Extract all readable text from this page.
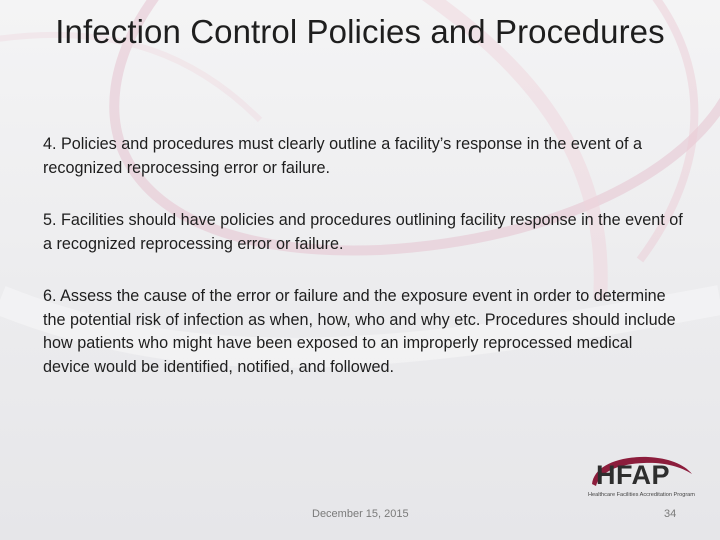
Infection Control Policies and Procedures

4. Policies and procedures must clearly outline a facility’s response in the event of a recognized reprocessing error or failure.

5. Facilities should have policies and procedures outlining facility response in the event of a recognized reprocessing error or failure.

6. Assess the cause of the error or failure and the exposure event in order to determine the potential risk of infection as when, how, who and why etc. Procedures should include how patients who might have been exposed to an improperly reprocessed medical device would be identified, notified, and followed.

HFAP
Healthcare Facilities Accreditation Program
December 15, 2015	34
